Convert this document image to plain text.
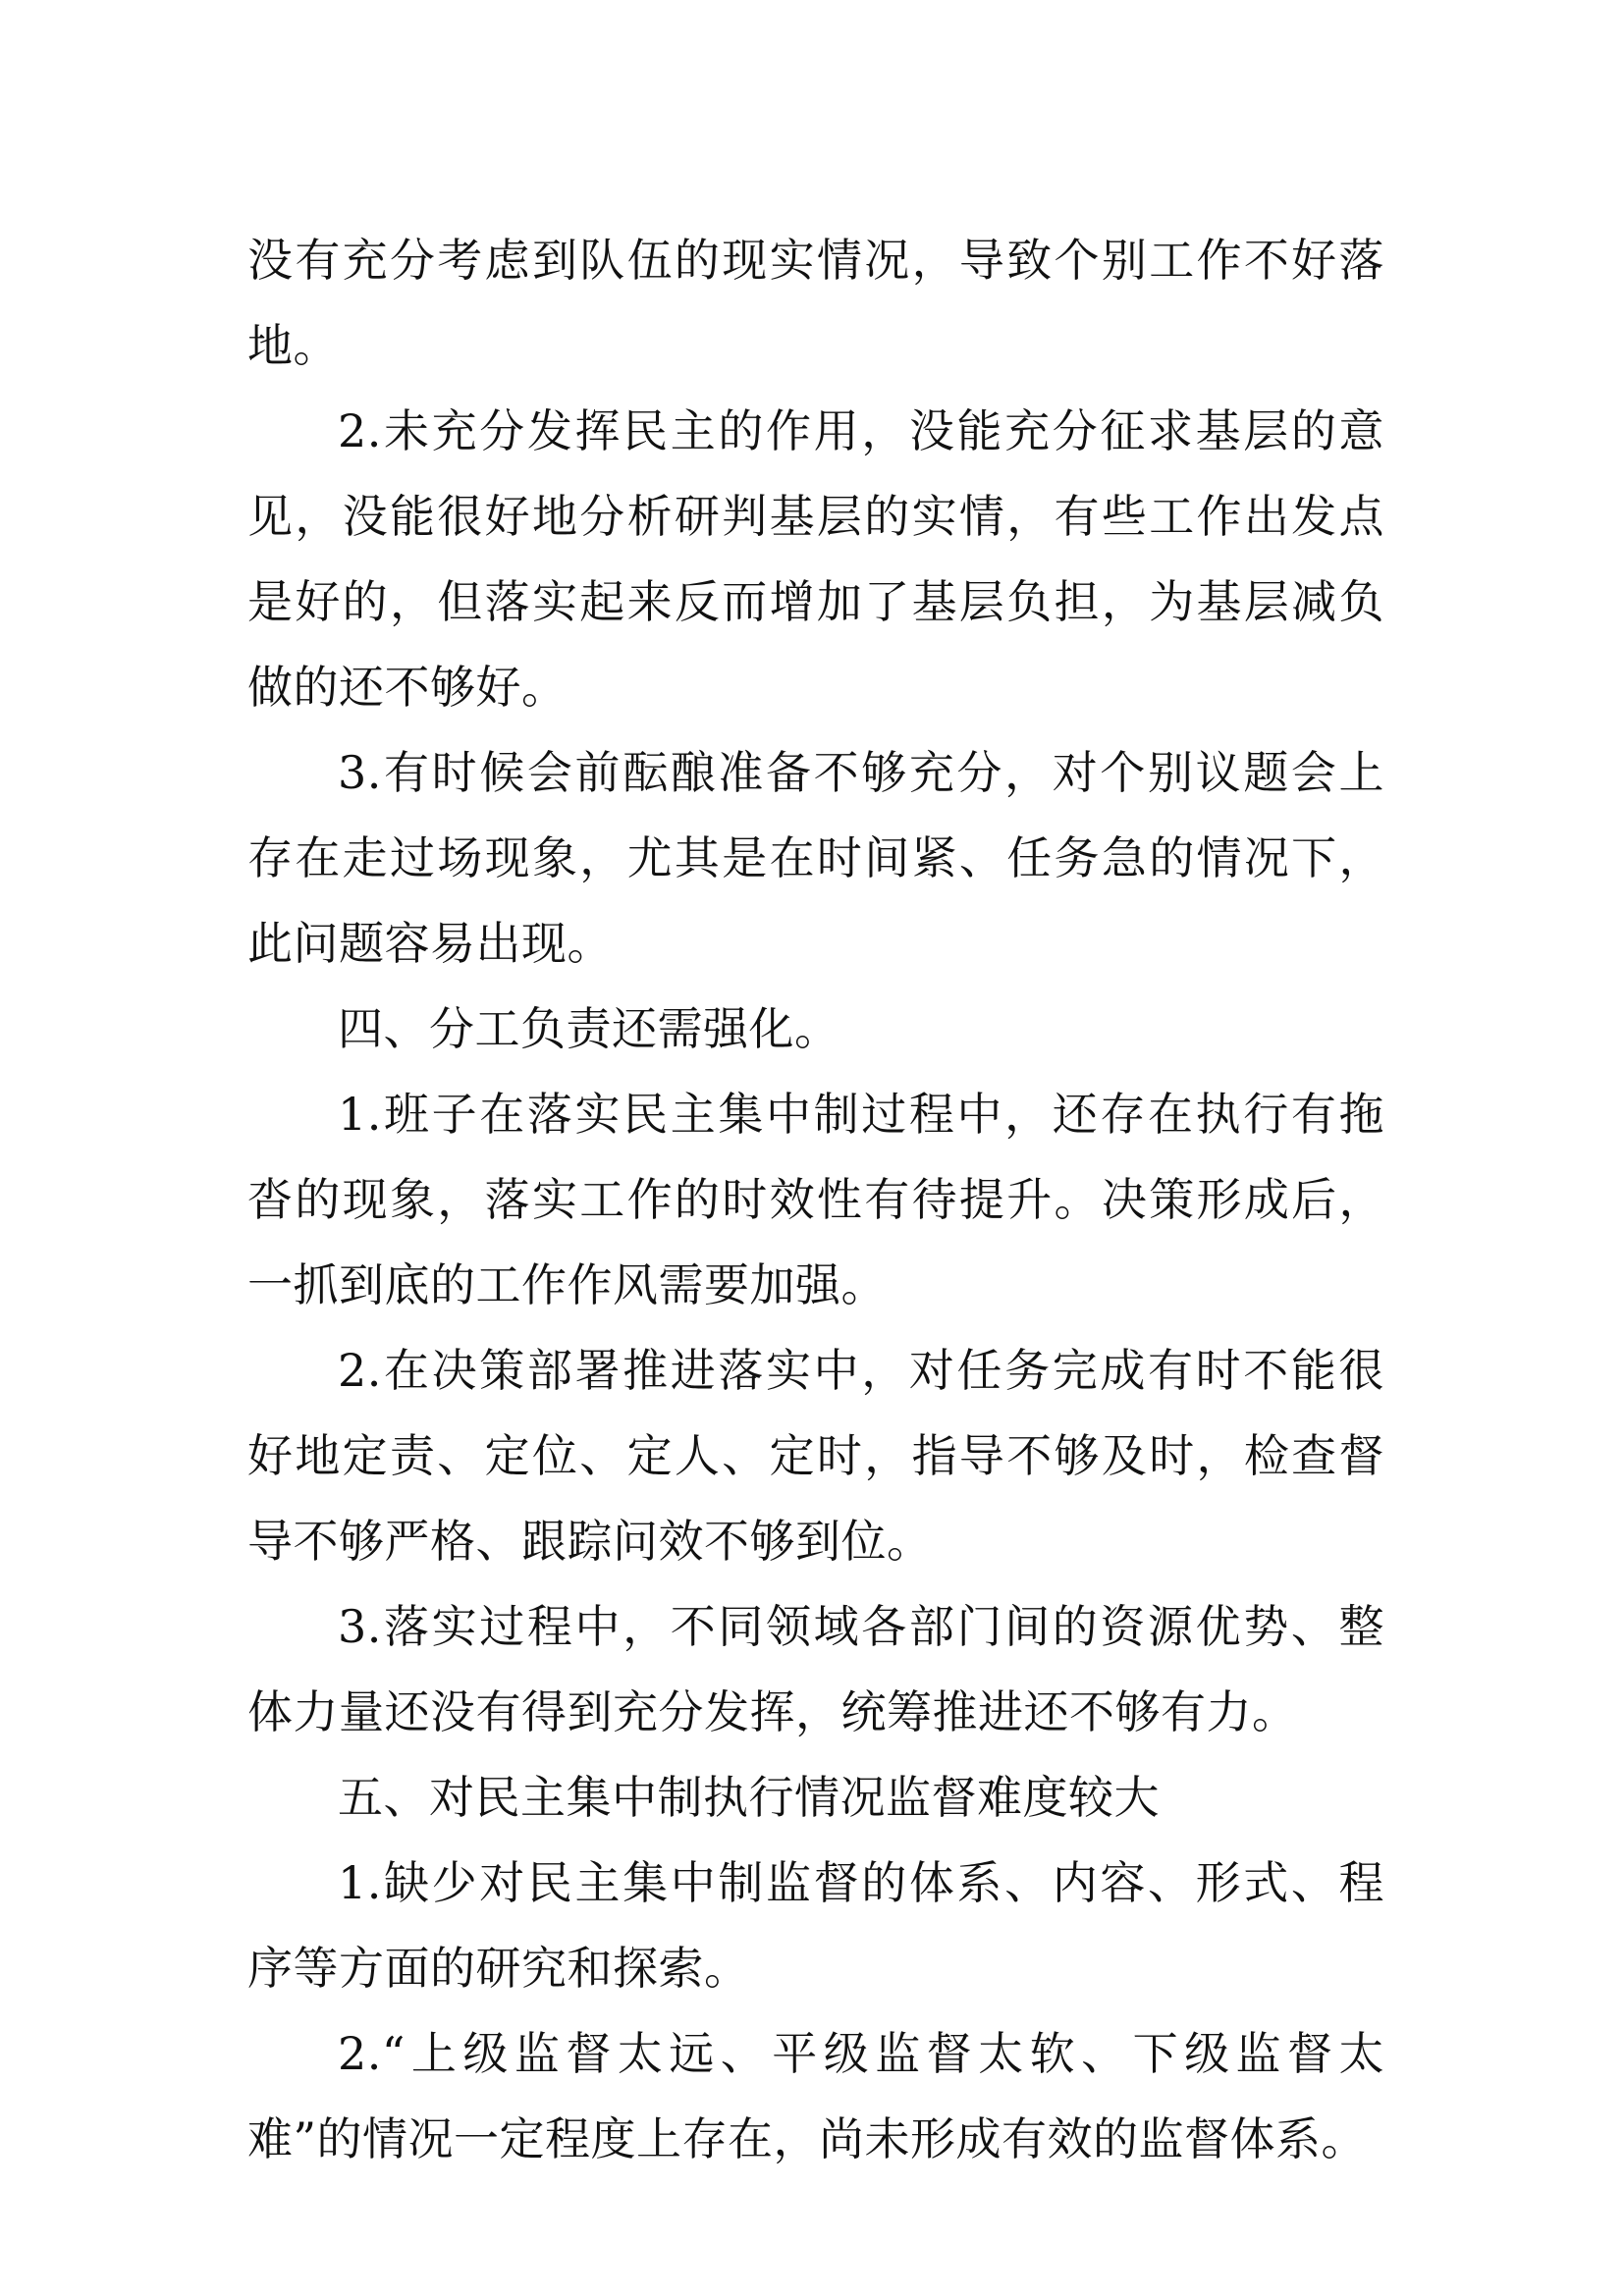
没有充分考虑到队伍的现实情况，导致个别工作不好落地。

2.未充分发挥民主的作用，没能充分征求基层的意见，没能很好地分析研判基层的实情，有些工作出发点是好的，但落实起来反而增加了基层负担，为基层减负做的还不够好。

3.有时候会前酝酿准备不够充分，对个别议题会上存在走过场现象，尤其是在时间紧、任务急的情况下，此问题容易出现。

四、分工负责还需强化。

1.班子在落实民主集中制过程中，还存在执行有拖沓的现象，落实工作的时效性有待提升。决策形成后，一抓到底的工作作风需要加强。

2.在决策部署推进落实中，对任务完成有时不能很好地定责、定位、定人、定时，指导不够及时，检查督导不够严格、跟踪问效不够到位。

3.落实过程中，不同领域各部门间的资源优势、整体力量还没有得到充分发挥，统筹推进还不够有力。

五、对民主集中制执行情况监督难度较大

1.缺少对民主集中制监督的体系、内容、形式、程序等方面的研究和探索。

2.“上级监督太远、平级监督太软、下级监督太难”的情况一定程度上存在，尚未形成有效的监督体系。
